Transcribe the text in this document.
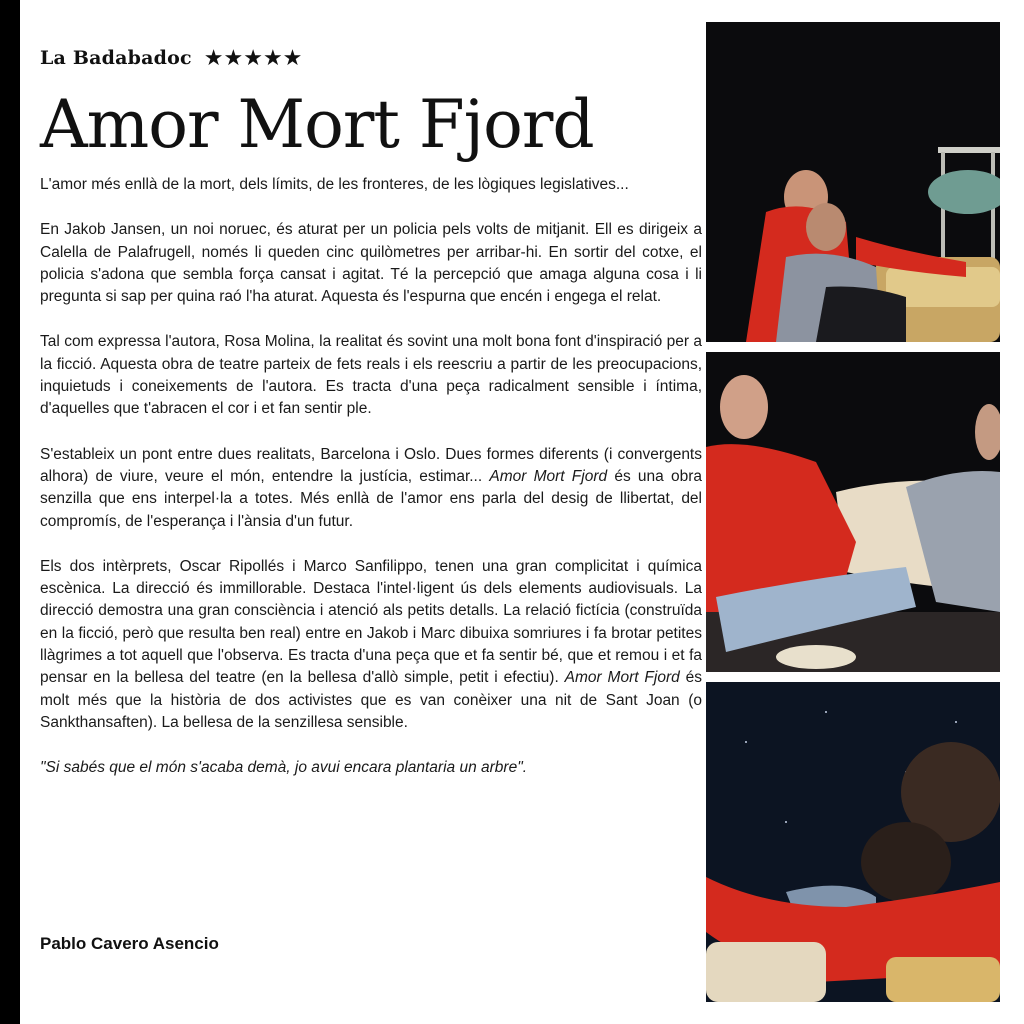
La Badabadoc ★★★★★
Amor Mort Fjord

L'amor més enllà de la mort, dels límits, de les fronteres, de les lògiques legislatives...

En Jakob Jansen, un noi noruec, és aturat per un policia pels volts de mitjanit. Ell es dirigeix a Calella de Palafrugell, només li queden cinc quilòmetres per arribar-hi. En sortir del cotxe, el policia s'adona que sembla força cansat i agitat. Té la percepció que amaga alguna cosa i li pregunta si sap per quina raó l'ha aturat. Aquesta és l'espurna que encén i engega el relat.

Tal com expressa l'autora, Rosa Molina, la realitat és sovint una molt bona font d'inspiració per a la ficció. Aquesta obra de teatre parteix de fets reals i els reescriu a partir de les preocupacions, inquietuds i coneixements de l'autora. Es tracta d'una peça radicalment sensible i íntima, d'aquelles que t'abracen el cor i et fan sentir ple.

S'estableix un pont entre dues realitats, Barcelona i Oslo. Dues formes diferents (i convergents alhora) de viure, veure el món, entendre la justícia, estimar... Amor Mort Fjord és una obra senzilla que ens interpel·la a totes. Més enllà de l'amor ens parla del desig de llibertat, del compromís, de l'esperança i l'ànsia d'un futur.

Els dos intèrprets, Oscar Ripollés i Marco Sanfilippo, tenen una gran complicitat i química escènica. La direcció és immillorable. Destaca l'intel·ligent ús dels elements audiovisuals. La direcció demostra una gran consciència i atenció als petits detalls. La relació fictícia (construïda en la ficció, però que resulta ben real) entre en Jakob i Marc dibuixa somriures i fa brotar petites llàgrimes a tot aquell que l'observa. Es tracta d'una peça que et fa sentir bé, que et remou i et fa pensar en la bellesa del teatre (en la bellesa d'allò simple, petit i efectiu). Amor Mort Fjord és molt més que la història de dos activistes que es van conèixer una nit de Sant Joan (o Sankthansaften). La bellesa de la senzillesa sensible.

"Si sabés que el món s'acaba demà, jo avui encara plantaria un arbre".

Pablo Cavero Asencio
